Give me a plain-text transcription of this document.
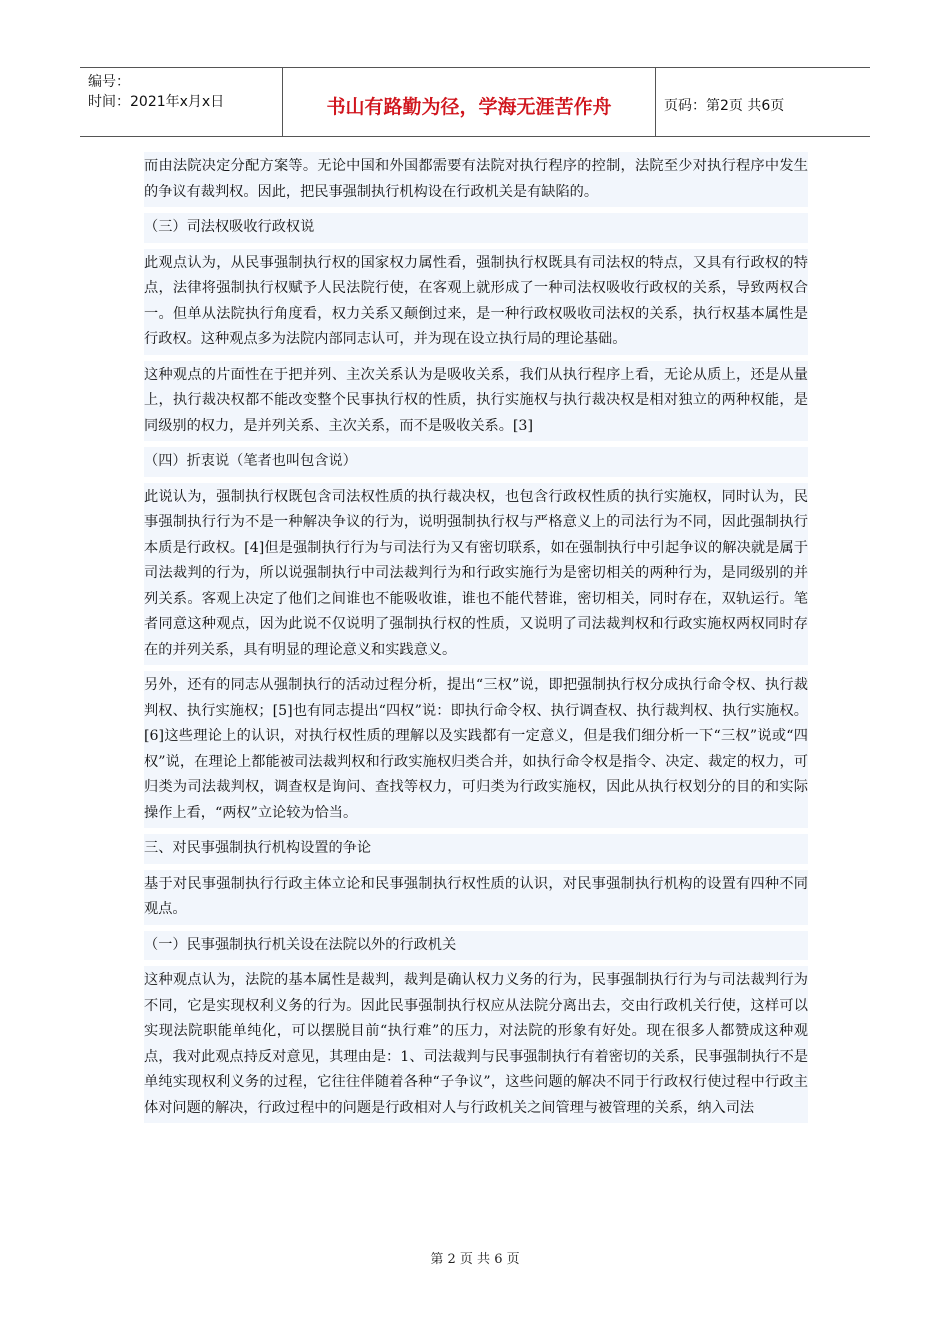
编号：
时间：2021年x月x日	书山有路勤为径，学海无涯苦作舟	页码：第2页 共6页

而由法院决定分配方案等。无论中国和外国都需要有法院对执行程序的控制，法院至少对执行程序中发生的争议有裁判权。因此，把民事强制执行机构设在行政机关是有缺陷的。

（三）司法权吸收行政权说

此观点认为，从民事强制执行权的国家权力属性看，强制执行权既具有司法权的特点，又具有行政权的特点，法律将强制执行权赋予人民法院行使，在客观上就形成了一种司法权吸收行政权的关系，导致两权合一。但单从法院执行角度看，权力关系又颠倒过来，是一种行政权吸收司法权的关系，执行权基本属性是行政权。这种观点多为法院内部同志认可，并为现在设立执行局的理论基础。

这种观点的片面性在于把并列、主次关系认为是吸收关系，我们从执行程序上看，无论从质上，还是从量上，执行裁决权都不能改变整个民事执行权的性质，执行实施权与执行裁决权是相对独立的两种权能，是同级别的权力，是并列关系、主次关系，而不是吸收关系。[3]

（四）折衷说（笔者也叫包含说）

此说认为，强制执行权既包含司法权性质的执行裁决权，也包含行政权性质的执行实施权，同时认为，民事强制执行行为不是一种解决争议的行为，说明强制执行权与严格意义上的司法行为不同，因此强制执行本质是行政权。[4]但是强制执行行为与司法行为又有密切联系，如在强制执行中引起争议的解决就是属于司法裁判的行为，所以说强制执行中司法裁判行为和行政实施行为是密切相关的两种行为，是同级别的并列关系。客观上决定了他们之间谁也不能吸收谁，谁也不能代替谁，密切相关，同时存在，双轨运行。笔者同意这种观点，因为此说不仅说明了强制执行权的性质，又说明了司法裁判权和行政实施权两权同时存在的并列关系，具有明显的理论意义和实践意义。

另外，还有的同志从强制执行的活动过程分析，提出“三权”说，即把强制执行权分成执行命令权、执行裁判权、执行实施权；[5]也有同志提出“四权”说：即执行命令权、执行调查权、执行裁判权、执行实施权。[6]这些理论上的认识，对执行权性质的理解以及实践都有一定意义，但是我们细分析一下“三权”说或“四权”说，在理论上都能被司法裁判权和行政实施权归类合并，如执行命令权是指令、决定、裁定的权力，可归类为司法裁判权，调查权是询问、查找等权力，可归类为行政实施权，因此从执行权划分的目的和实际操作上看，“两权”立论较为恰当。

三、对民事强制执行机构设置的争论

基于对民事强制执行行政主体立论和民事强制执行权性质的认识，对民事强制执行机构的设置有四种不同观点。

（一）民事强制执行机关设在法院以外的行政机关

这种观点认为，法院的基本属性是裁判，裁判是确认权力义务的行为，民事强制执行行为与司法裁判行为不同，它是实现权利义务的行为。因此民事强制执行权应从法院分离出去，交由行政机关行使，这样可以实现法院职能单纯化，可以摆脱目前“执行难”的压力，对法院的形象有好处。现在很多人都赞成这种观点，我对此观点持反对意见，其理由是：1、司法裁判与民事强制执行有着密切的关系，民事强制执行不是单纯实现权利义务的过程，它往往伴随着各种“子争议”，这些问题的解决不同于行政权行使过程中行政主体对问题的解决，行政过程中的问题是行政相对人与行政机关之间管理与被管理的关系，纳入司法

第 2 页 共 6 页
